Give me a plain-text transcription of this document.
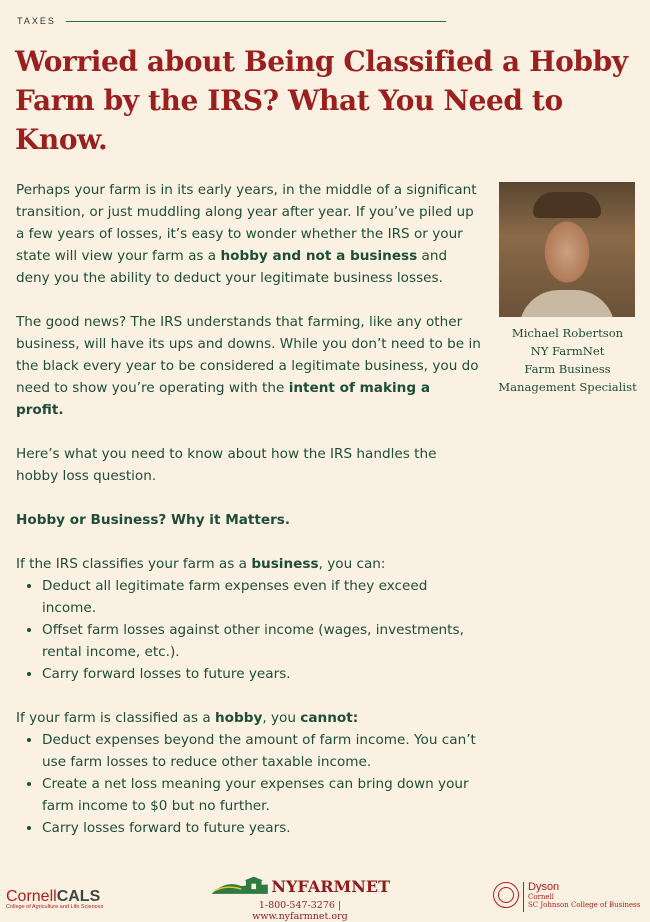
TAXES
Worried about Being Classified a Hobby Farm by the IRS? What You Need to Know.

Perhaps your farm is in its early years, in the middle of a significant transition, or just muddling along year after year. If you’ve piled up a few years of losses, it’s easy to wonder whether the IRS or your state will view your farm as a hobby and not a business and deny you the ability to deduct your legitimate business losses.

The good news? The IRS understands that farming, like any other business, will have its ups and downs. While you don’t need to be in the black every year to be considered a legitimate business, you do need to show you’re operating with the intent of making a profit.

Here’s what you need to know about how the IRS handles the hobby loss question.

Hobby or Business? Why it Matters.

If the IRS classifies your farm as a business, you can:

• Deduct all legitimate farm expenses even if they exceed income.
• Offset farm losses against other income (wages, investments, rental income, etc.).
• Carry forward losses to future years.

If your farm is classified as a hobby, you cannot:

• Deduct expenses beyond the amount of farm income. You can’t use farm losses to reduce other taxable income.
• Create a net loss meaning your expenses can bring down your farm income to $0 but no further.
• Carry losses forward to future years.
Michael Robertson
NY FarmNet
Farm Business
Management Specialist
CornellCALS
College of Agriculture and Life Sciences
NYFARMNET
1-800-547-3276 | www.nyfarmnet.org
Dyson
Cornell
SC Johnson College of Business
